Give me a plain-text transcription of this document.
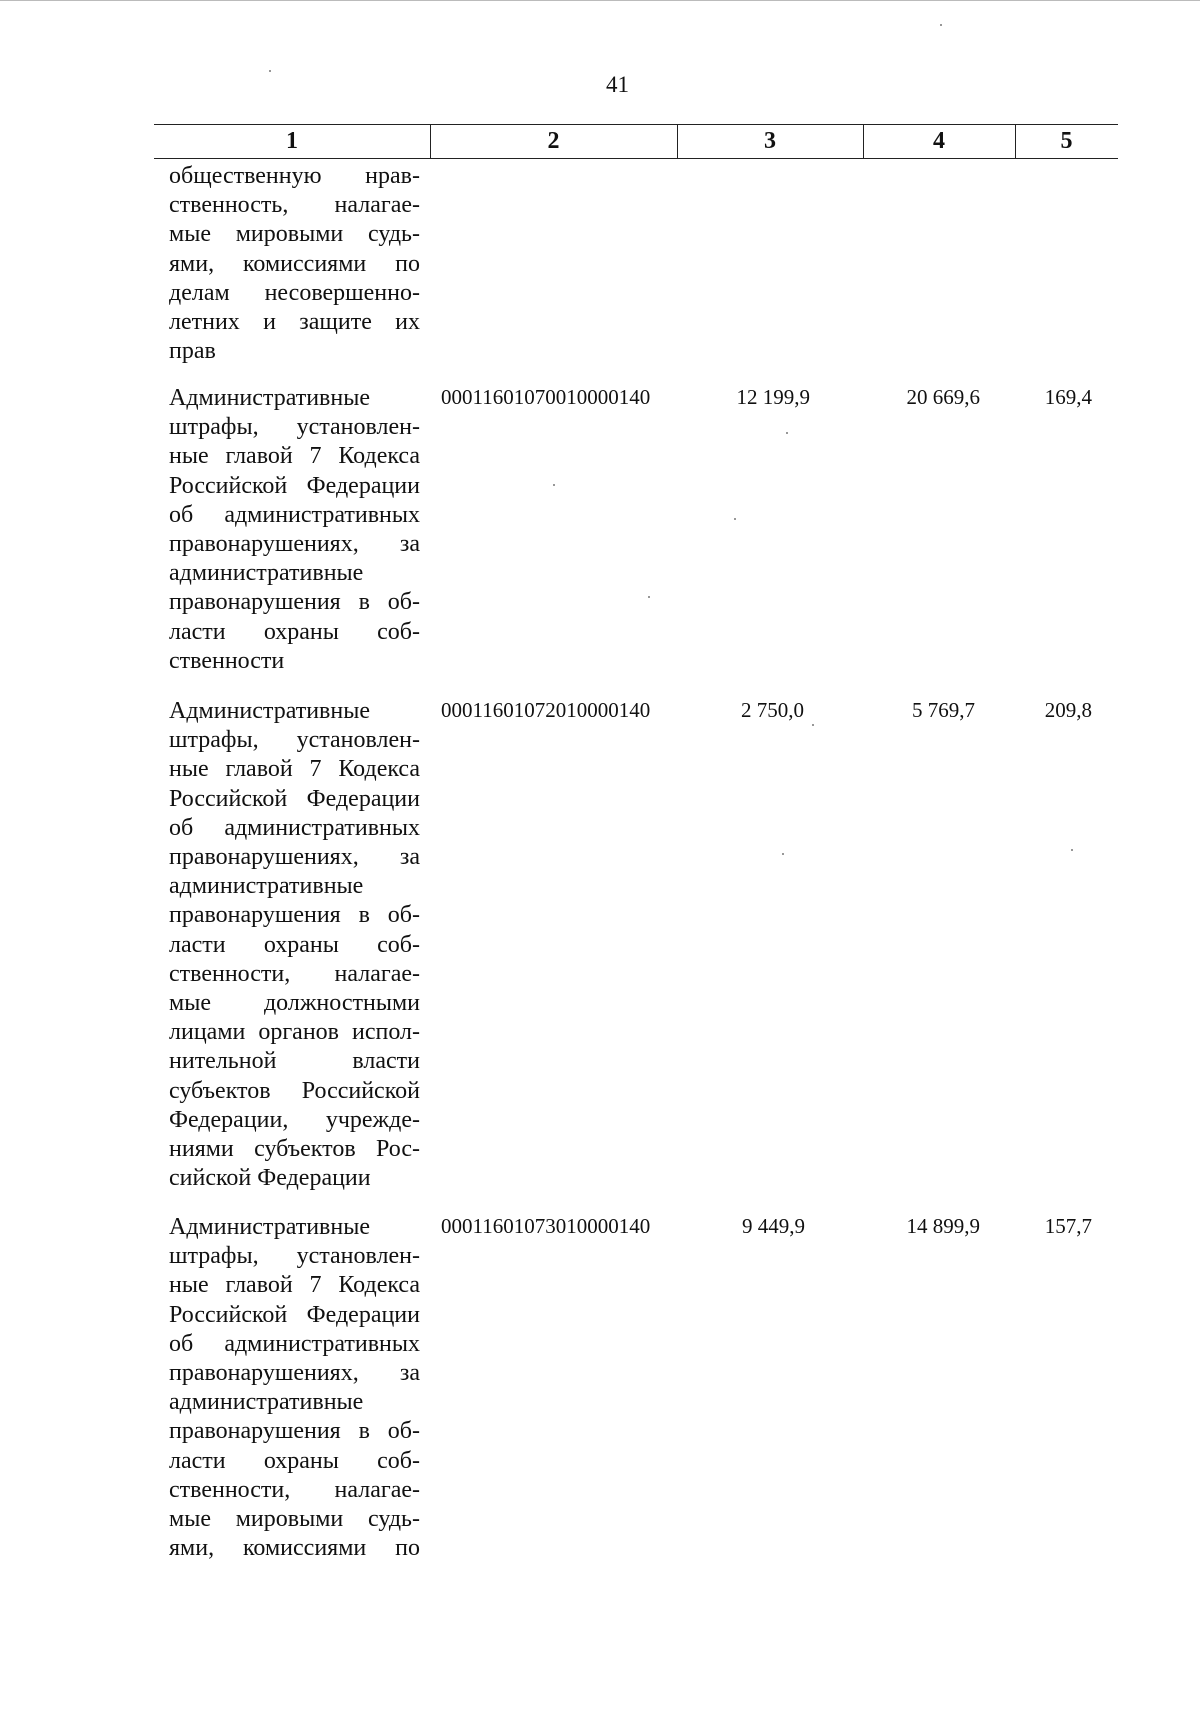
41
1	2	3	4	5
общественную нрав-
ственность, налагае-
мые мировыми судь-
ями, комиссиями по
делам несовершенно-
летних и защите их
прав
Административные
штрафы, установлен-
ные главой 7 Кодекса
Российской Федерации
об административных
правонарушениях, за
административные
правонарушения в об-
ласти охраны соб-
ственности
00011601070010000140	12 199,9	20 669,6	169,4
Административные
штрафы, установлен-
ные главой 7 Кодекса
Российской Федерации
об административных
правонарушениях, за
административные
правонарушения в об-
ласти охраны соб-
ственности, налагае-
мые должностными
лицами органов испол-
нительной власти
субъектов Российской
Федерации, учрежде-
ниями субъектов Рос-
сийской Федерации
00011601072010000140	2 750,0	5 769,7	209,8
Административные
штрафы, установлен-
ные главой 7 Кодекса
Российской Федерации
об административных
правонарушениях, за
административные
правонарушения в об-
ласти охраны соб-
ственности, налагае-
мые мировыми судь-
ями, комиссиями по
00011601073010000140	9 449,9	14 899,9	157,7
